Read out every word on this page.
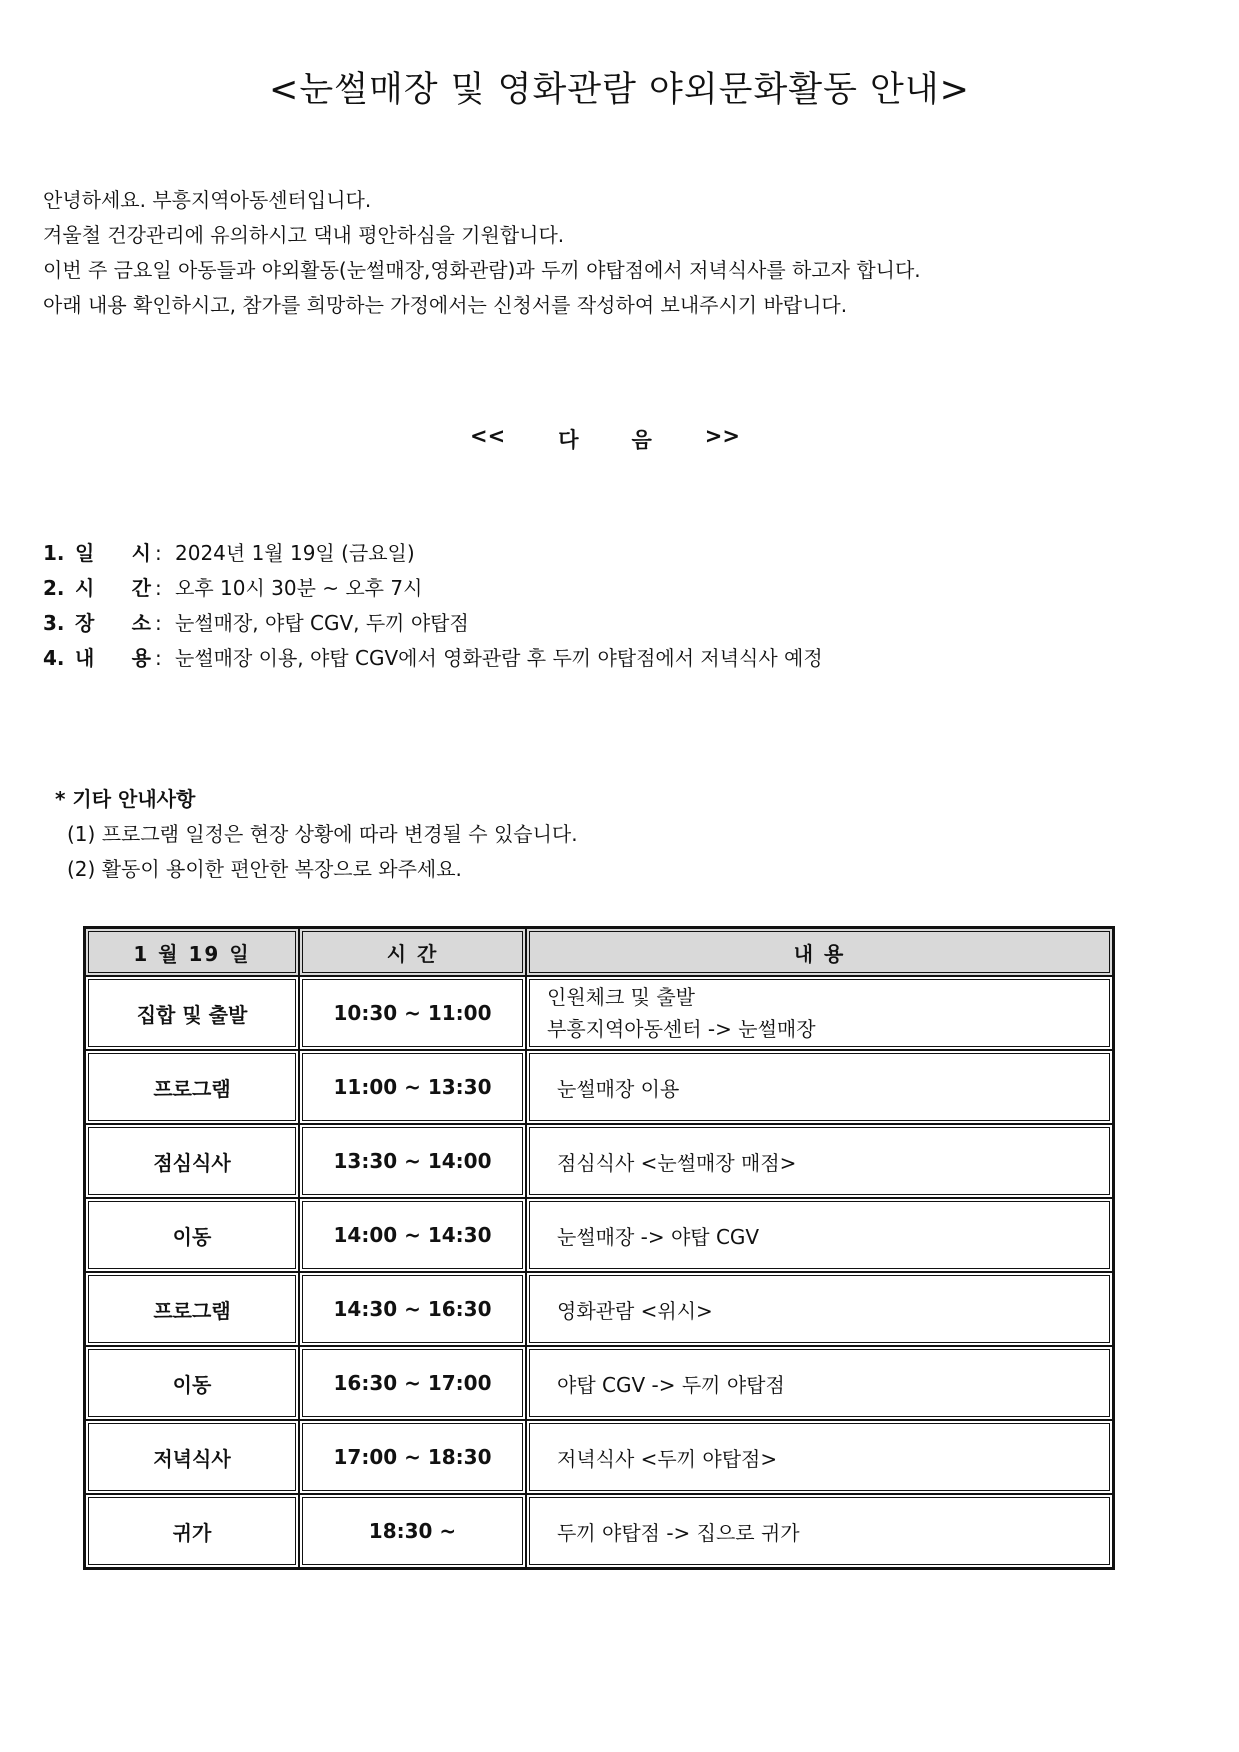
<눈썰매장 및 영화관람 야외문화활동 안내>
안녕하세요. 부흥지역아동센터입니다.
겨울철 건강관리에 유의하시고 댁내 평안하심을 기원합니다.
이번 주 금요일 아동들과 야외활동(눈썰매장,영화관람)과 두끼 야탑점에서 저녁식사를 하고자 합니다.
아래 내용 확인하시고, 참가를 희망하는 가정에서는 신청서를 작성하여 보내주시기 바랍니다.
<<	다	음	>>
1. 일 시 : 2024년 1월 19일 (금요일)
2. 시 간 : 오후 10시 30분 ~ 오후 7시
3. 장 소 : 눈썰매장, 야탑 CGV, 두끼 야탑점
4. 내 용 : 눈썰매장 이용, 야탑 CGV에서 영화관람 후 두끼 야탑점에서 저녁식사 예정
* 기타 안내사항
(1) 프로그램 일정은 현장 상황에 따라 변경될 수 있습니다.
(2) 활동이 용이한 편안한 복장으로 와주세요.
1 월 19 일	시 간	내 용
집합 및 출발	10:30 ~ 11:00	인원체크 및 출발
부흥지역아동센터 -> 눈썰매장

프로그램	11:00 ~ 13:30	눈썰매장 이용
점심식사	13:30 ~ 14:00	점심식사 <눈썰매장 매점>
이동	14:00 ~ 14:30	눈썰매장 -> 야탑 CGV
프로그램	14:30 ~ 16:30	영화관람 <위시>
이동	16:30 ~ 17:00	야탑 CGV -> 두끼 야탑점
저녁식사	17:00 ~ 18:30	저녁식사 <두끼 야탑점>
귀가	18:30 ~	두끼 야탑점 -> 집으로 귀가
